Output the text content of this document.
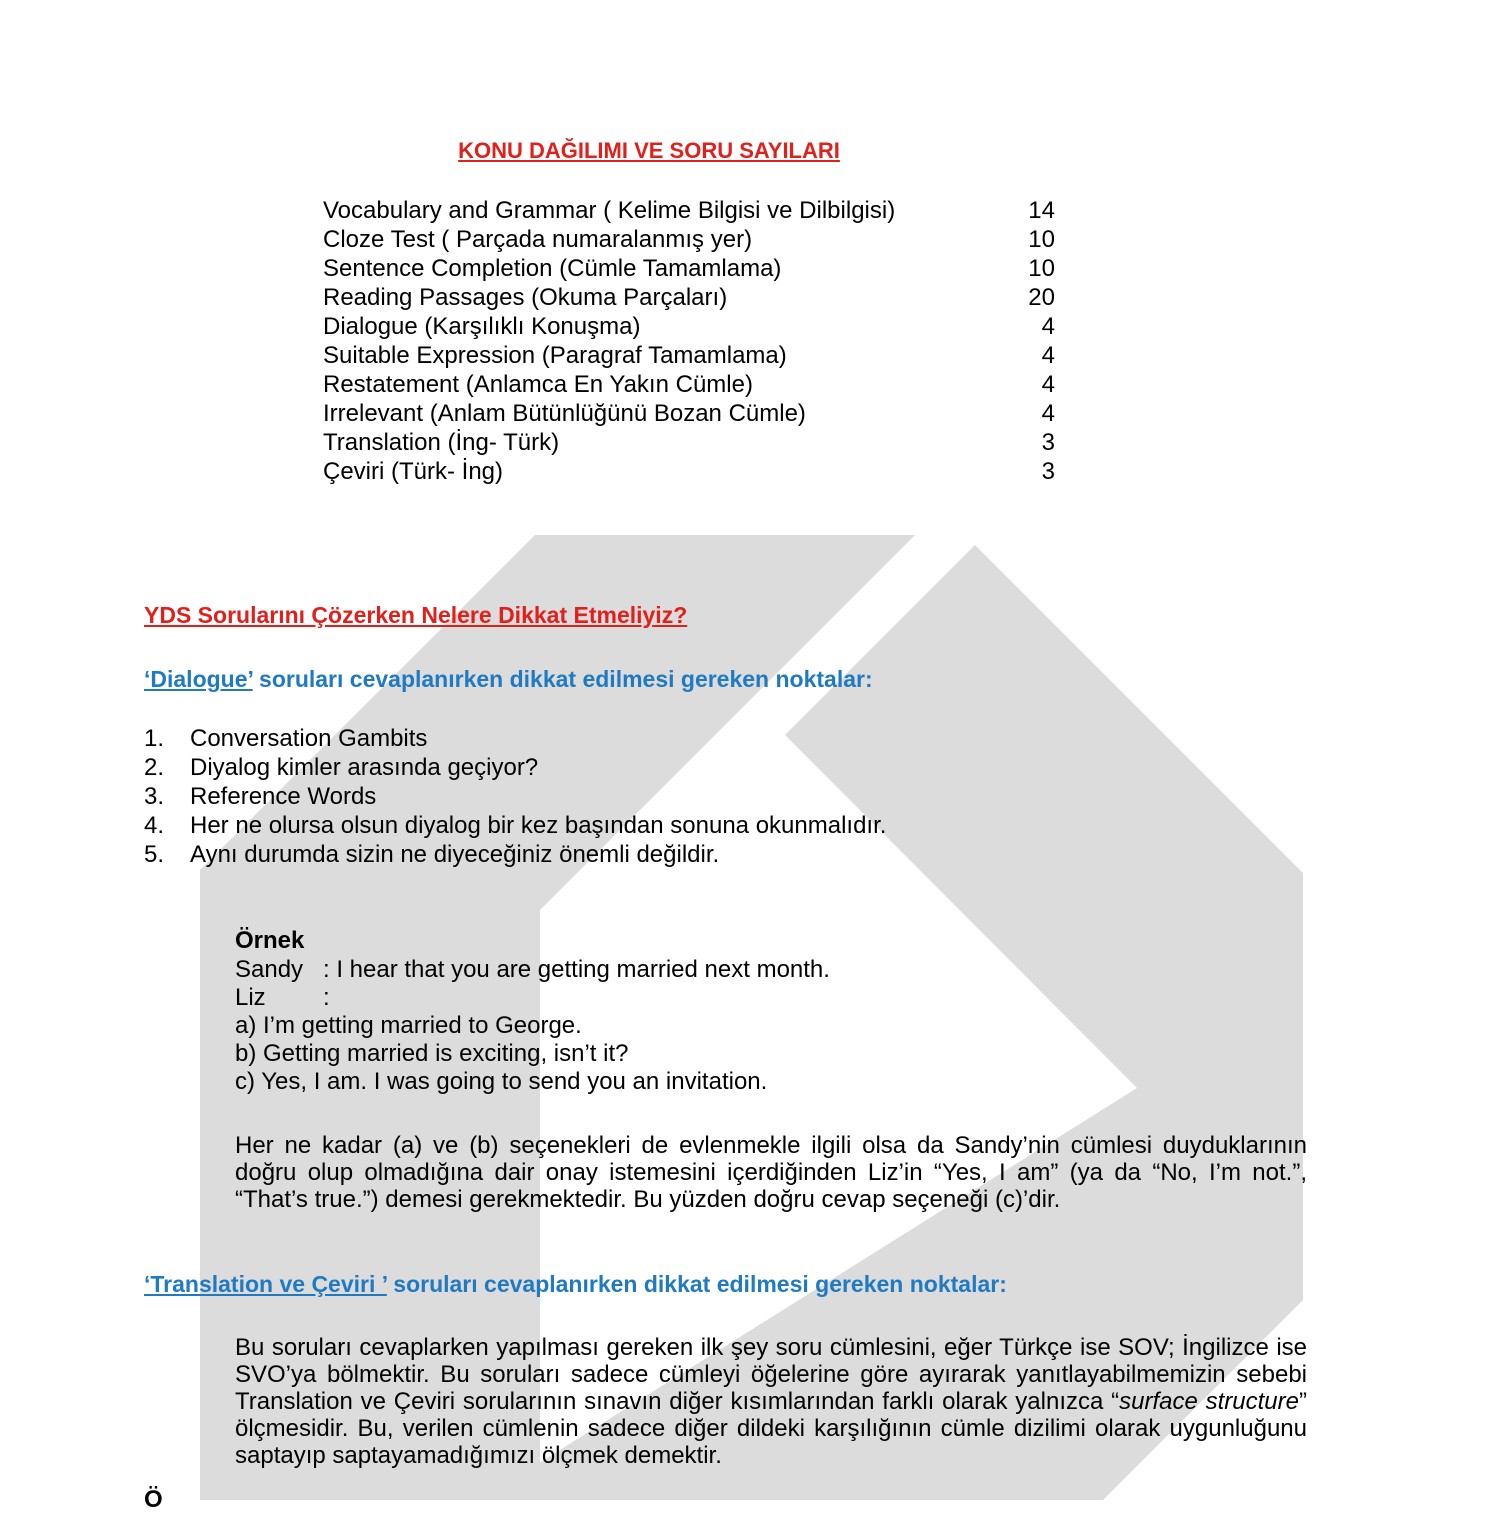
KONU DAĞILIMI VE SORU SAYILARI
Vocabulary and Grammar ( Kelime Bilgisi ve Dilbilgisi)	14
Cloze Test ( Parçada numaralanmış yer)	10
Sentence Completion (Cümle Tamamlama)	10
Reading Passages (Okuma Parçaları)	20
Dialogue (Karşılıklı Konuşma)	4
Suitable Expression (Paragraf Tamamlama)	4
Restatement (Anlamca En Yakın Cümle)	4
Irrelevant (Anlam Bütünlüğünü Bozan Cümle)	4
Translation (İng- Türk)	3
Çeviri (Türk- İng)	3
YDS Sorularını Çözerken Nelere Dikkat Etmeliyiz?
‘Dialogue’ soruları cevaplanırken dikkat edilmesi gereken noktalar:
1.	Conversation Gambits
2.	Diyalog kimler arasında geçiyor?
3.	Reference Words
4.	Her ne olursa olsun diyalog bir kez başından sonuna okunmalıdır.
5.	Aynı durumda sizin ne diyeceğiniz önemli değildir.
Örnek
Sandy : I hear that you are getting married next month.
Liz :
a) I’m getting married to George.
b) Getting married is exciting, isn’t it?
c) Yes, I am. I was going to send you an invitation.
Her ne kadar (a) ve (b) seçenekleri de evlenmekle ilgili olsa da Sandy’nin cümlesi duyduklarının doğru olup olmadığına dair onay istemesini içerdiğinden Liz’in “Yes, I am” (ya da “No, I’m not.”, “That’s true.”) demesi gerekmektedir. Bu yüzden doğru cevap seçeneği (c)’dir.
‘Translation ve Çeviri ’ soruları cevaplanırken dikkat edilmesi gereken noktalar:
Bu soruları cevaplarken yapılması gereken ilk şey soru cümlesini, eğer Türkçe ise SOV; İngilizce ise SVO’ya bölmektir. Bu soruları sadece cümleyi öğelerine göre ayırarak yanıtlayabilmemizin sebebi Translation ve Çeviri sorularının sınavın diğer kısımlarından farklı olarak yalnızca “surface structure” ölçmesidir. Bu, verilen cümlenin sadece diğer dildeki karşılığının cümle dizilimi olarak uygunluğunu saptayıp saptayamadığımızı ölçmek demektir.
Ö
